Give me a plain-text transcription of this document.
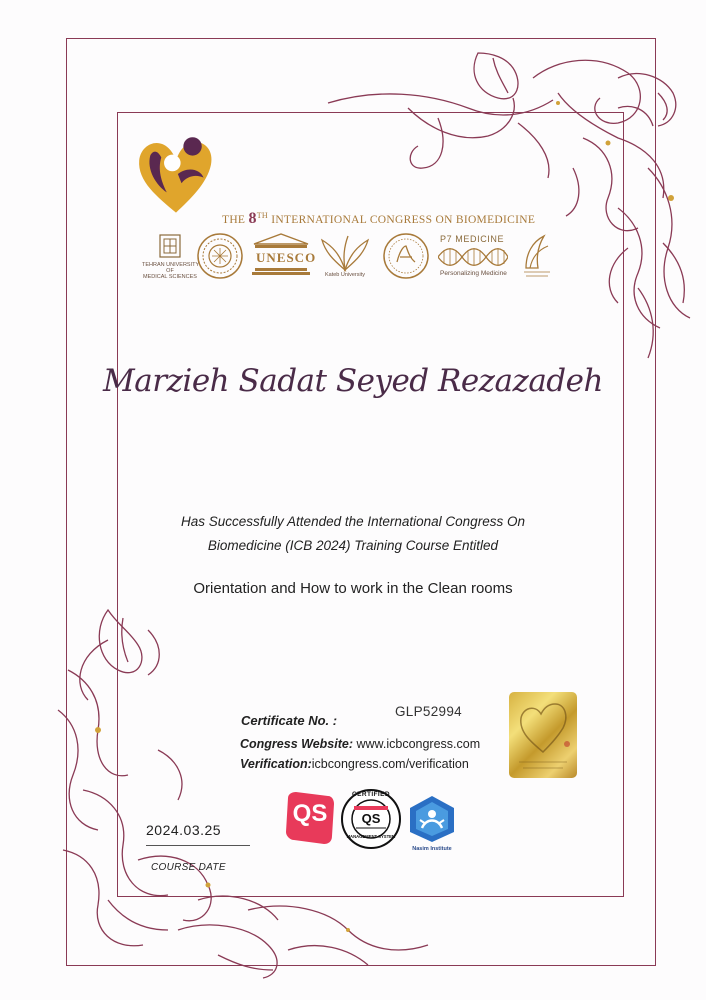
THE 8TH INTERNATIONAL CONGRESS ON BIOMEDICINE
TEHRAN UNIVERSITY
OF
MEDICAL SCIENCES
UNESCO
Kateb University
P7 MEDICINE
Personalizing Medicine
Marzieh Sadat Seyed Rezazadeh
Has Successfully Attended the International Congress On
Biomedicine (ICB 2024) Training Course Entitled
Orientation and How to work in the Clean rooms
Certificate No. :
GLP52994
Congress Website: www.icbcongress.com
Verification:icbcongress.com/verification
2024.03.25
COURSE DATE
QS
CERTIFIED
QS
MANAGEMENT SYSTEM
Nasim Institute
